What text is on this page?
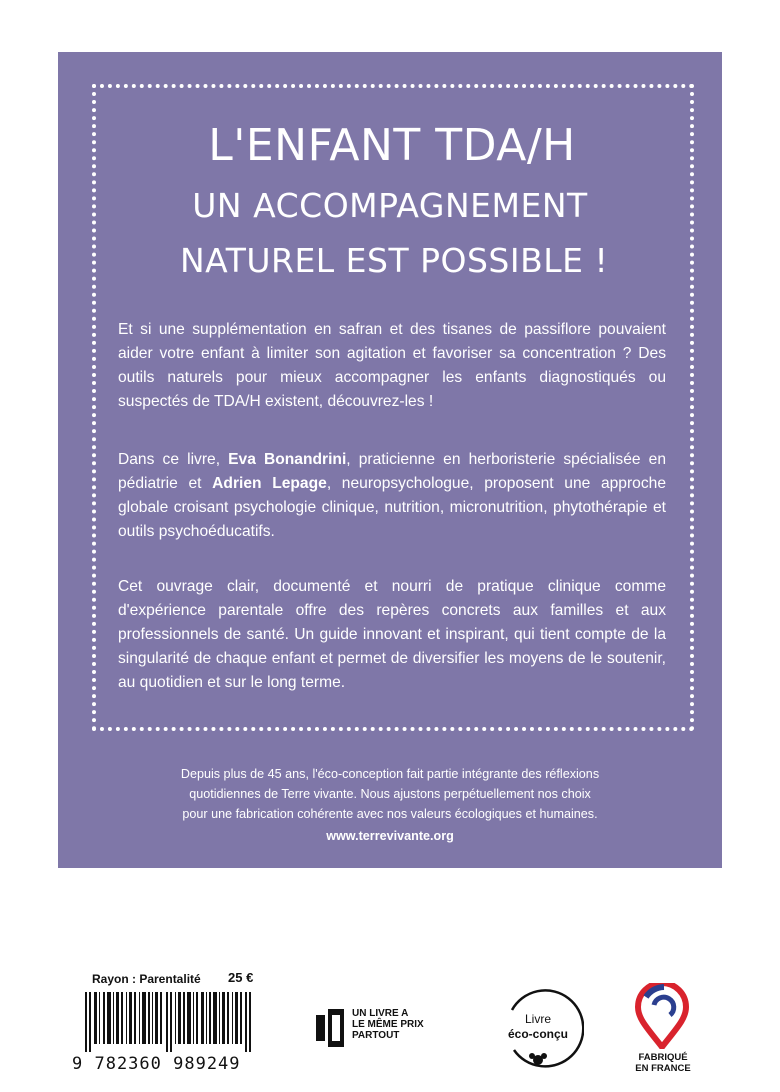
L'ENFANT TDA/H
UN ACCOMPAGNEMENT
NATUREL EST POSSIBLE !

Et si une supplémentation en safran et des tisanes de passiflore pouvaient aider votre enfant à limiter son agitation et favoriser sa concentration ? Des outils naturels pour mieux accompagner les enfants diagnostiqués ou suspectés de TDA/H existent, découvrez-les !

Dans ce livre, Eva Bonandrini, praticienne en herboristerie spécialisée en pédiatrie et Adrien Lepage, neuropsychologue, proposent une approche globale croisant psychologie clinique, nutrition, micronutrition, phytothérapie et outils psychoéducatifs.

Cet ouvrage clair, documenté et nourri de pratique clinique comme d'expérience parentale offre des repères concrets aux familles et aux professionnels de santé. Un guide innovant et inspirant, qui tient compte de la singularité de chaque enfant et permet de diversifier les moyens de le soutenir, au quotidien et sur le long terme.

Depuis plus de 45 ans, l'éco-conception fait partie intégrante des réflexions
quotidiennes de Terre vivante. Nous ajustons perpétuellement nos choix
pour une fabrication cohérente avec nos valeurs écologiques et humaines.
www.terrevivante.org
Rayon : Parentalité 25 €
9 782360 989249
UN LIVRE A
LE MÊME PRIX
PARTOUT
Livre
éco-conçu
FABRIQUÉ
EN FRANCE
